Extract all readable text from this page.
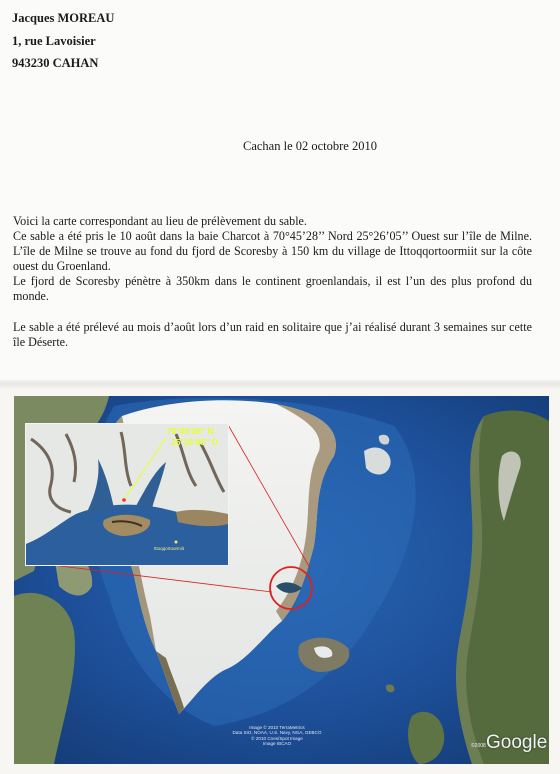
Jacques MOREAU
1, rue Lavoisier
943230 CAHAN
Cachan le 02 octobre 2010

Voici la carte correspondant au lieu de prélèvement du sable.

Ce sable a été pris le 10 août dans la baie Charcot à 70°45’28’’ Nord 25°26’05’’ Ouest sur l’île de Milne. L’île de Milne se trouve au fond du fjord de Scoresby à 150 km du village de Ittoqqortoormiit sur la côte ouest du Groenland.

Le fjord de Scoresby pénètre à 350km dans le continent groenlandais, il est l’un des plus profond du monde.

Le sable a été prélevé au mois d’août lors d’un raid en solitaire que j’ai réalisé durant 3 semaines sur cette île Déserte.

70°45’28’’ N
25°26’05’’ O
Ittoqqortoormiit
Image © 2010 TerraMetrics
Data SIO, NOAA, U.S. Navy, NGA, GEBCO
© 2010 Cnes/Spot Image
Image IBCAO	©2008 Google
